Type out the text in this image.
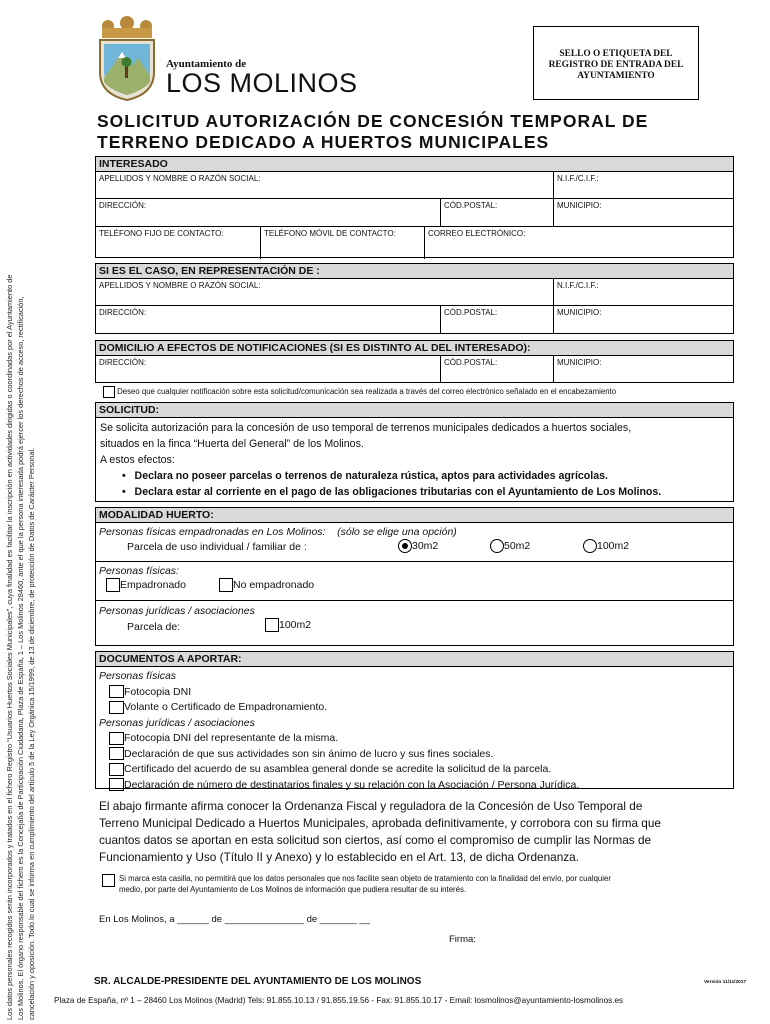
Los datos personales recogidos serán incorporados y tratados en el fichero Registro “Usuarios Huertos Sociales Municipales”, cuya finalidad es facilitar la inscripción en actividades dirigidas o coordinadas por el Ayuntamiento de Los Molinos. El órgano responsable del fichero es la Concejalía de Participación Ciudadana, Plaza de España, 1 – Los Molinos 28460, ante el que la persona interesada podrá ejercer los derechos de acceso, rectificación, cancelación y oposición. Todo lo cual se informa en cumplimiento del artículo 5 de la Ley Orgánica 15/1999, de 13 de diciembre, de protección de Datos de Carácter Personal.
Ayuntamiento de
LOS MOLINOS
SELLO O ETIQUETA DEL
REGISTRO DE ENTRADA DEL
AYUNTAMIENTO
SOLICITUD AUTORIZACIÓN DE CONCESIÓN TEMPORAL DE
TERRENO DEDICADO A HUERTOS MUNICIPALES
INTERESADO
APELLIDOS Y NOMBRE O RAZÓN SOCIAL:	N.I.F./C.I.F.:
DIRECCIÓN:	CÓD.POSTAL:	MUNICIPIO:
TELÉFONO FIJO DE CONTACTO:	TELÉFONO MÓVIL DE CONTACTO:	CORREO ELECTRÓNICO:
SI ES EL CASO, EN REPRESENTACIÓN DE :
APELLIDOS Y NOMBRE O RAZÓN SOCIAL:	N.I.F./C.I.F.:
DIRECCIÓN:	CÓD.POSTAL:	MUNICIPIO:
DOMICILIO A EFECTOS DE NOTIFICACIONES (SI ES DISTINTO AL DEL INTERESADO):
DIRECCIÓN:	CÓD.POSTAL:	MUNICIPIO:
Deseo que cualquier notificación sobre esta solicitud/comunicación sea realizada a través del correo electrónico señalado en el encabezamiento
SOLICITUD:
Se solicita autorización para la concesión de uso temporal de terrenos municipales dedicados a huertos sociales,
situados en la finca “Huerta del General” de los Molinos.
A estos efectos:
•   Declara no poseer parcelas o terrenos de naturaleza rústica, aptos para actividades agrícolas.
•   Declara estar al corriente en el pago de las obligaciones tributarias con el Ayuntamiento de Los Molinos.
MODALIDAD HUERTO:
Personas físicas empadronadas en Los Molinos: (sólo se elige una opción)
Parcela de uso individual / familiar de :	30m2	50m2	100m2
Personas físicas:
Empadronado	No empadronado
Personas jurídicas / asociaciones
Parcela de:	100m2
DOCUMENTOS A APORTAR:
Personas físicas
Fotocopia DNI
Volante o Certificado de Empadronamiento.
Personas jurídicas / asociaciones
Fotocopia DNI del representante de la misma.
Declaración de que sus actividades son sin ánimo de lucro y sus fines sociales.
Certificado del acuerdo de su asamblea general donde se acredite la solicitud de la parcela.
Declaración de número de destinatarios finales y su relación con la Asociación / Persona Jurídica.
El abajo firmante afirma conocer la Ordenanza Fiscal y reguladora de la Concesión de Uso Temporal de
Terreno Municipal Dedicado a Huertos Municipales, aprobada definitivamente, y corrobora con su firma que
cuantos datos se aportan en esta solicitud son ciertos, así como el compromiso de cumplir las Normas de
Funcionamiento y Uso (Título II y Anexo) y lo establecido en el Art. 13, de dicha Ordenanza.
Si marca esta casilla, no permitirá que los datos personales que nos facilite sean objeto de tratamiento con la finalidad del envío, por cualquier
medio, por parte del Ayuntamiento de Los Molinos de información que pudiera resultar de su interés.
En Los Molinos, a ______ de _______________ de _______ __
Firma:
SR. ALCALDE-PRESIDENTE DEL AYUNTAMIENTO DE LOS MOLINOS	Versión 11/11/2017
Plaza de España, nº 1 – 28460 Los Molinos (Madrid) Tels: 91.855.10.13 / 91.855.19.56 - Fax: 91.855.10.17 - Email: losmolinos@ayuntamiento-losmolinos.es
